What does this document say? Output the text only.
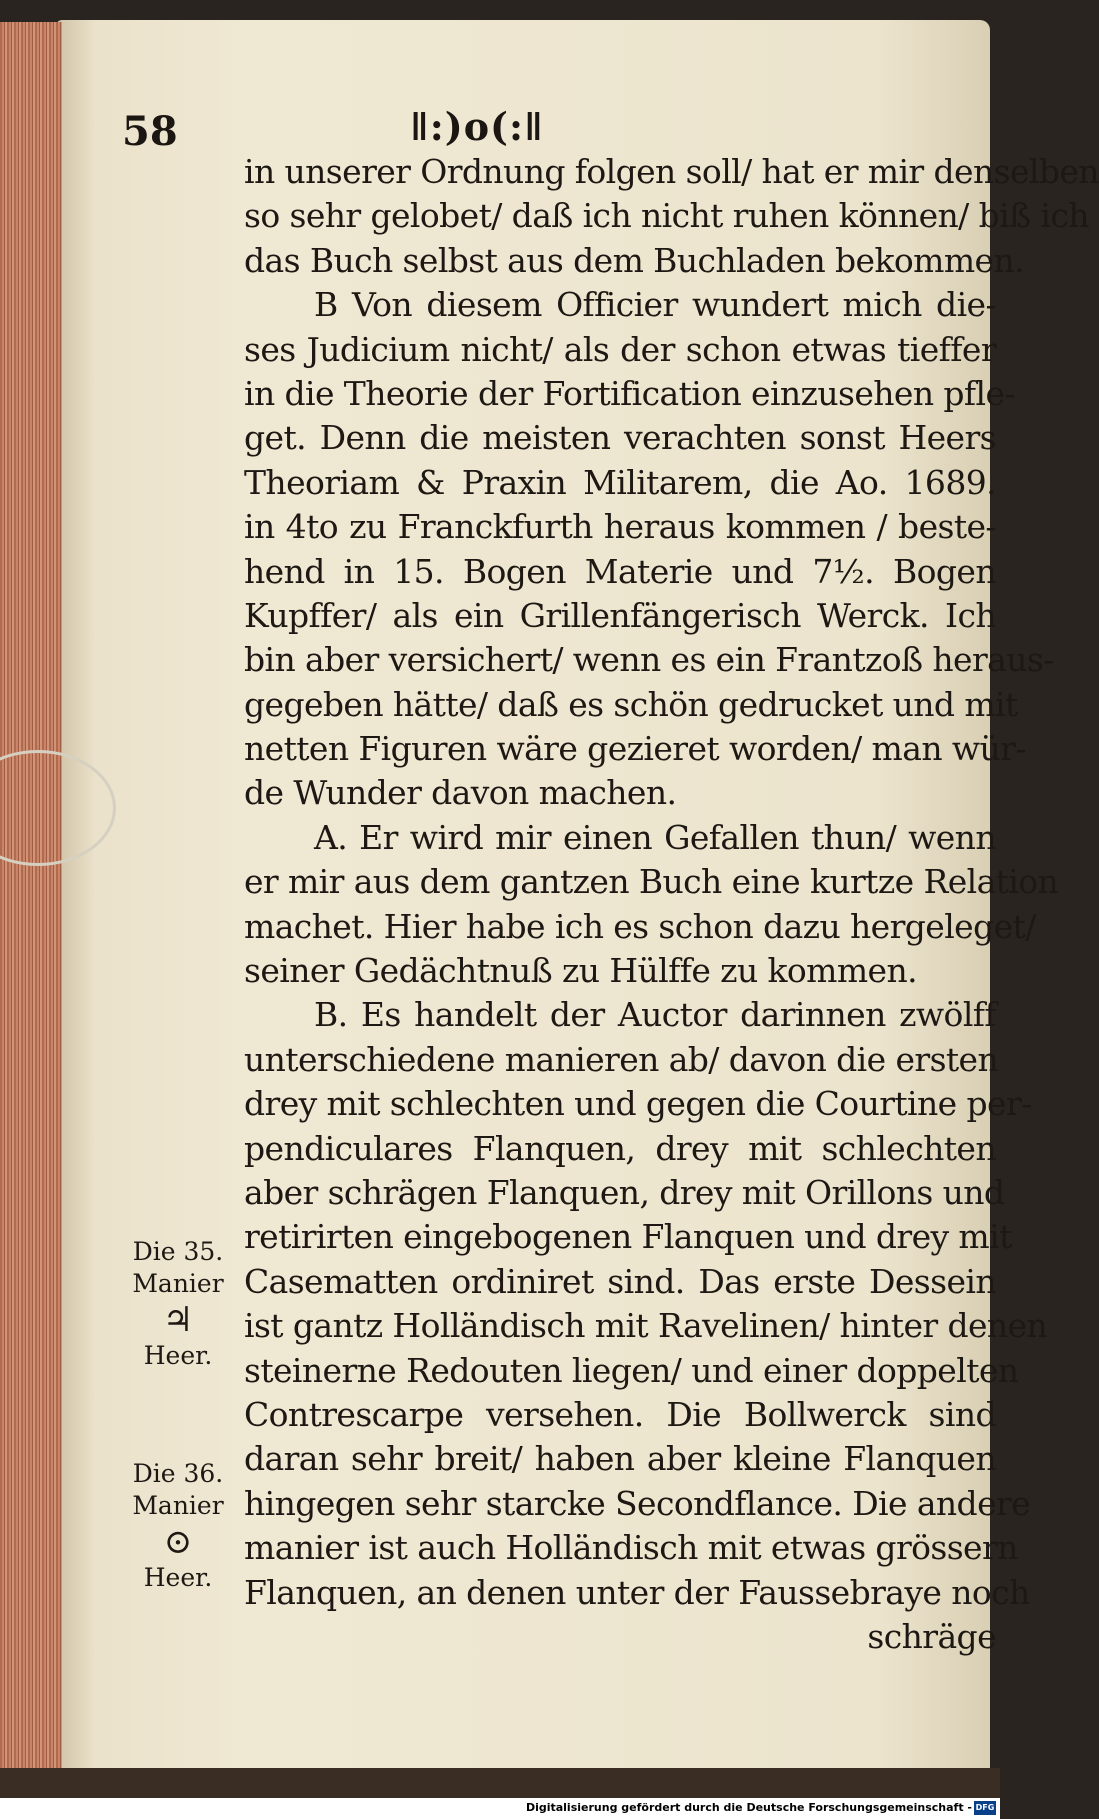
58	ǁ:)o(:ǁ
in unserer Ordnung folgen soll/ hat er mir denselben
so sehr gelobet/ daß ich nicht ruhen können/ biß ich
das Buch selbst aus dem Buchladen bekommen.
B Von diesem Officier wundert mich die-
ses Judicium nicht/ als der schon etwas tieffer
in die Theorie der Fortification einzusehen pfle-
get. Denn die meisten verachten sonst Heers
Theoriam & Praxin Militarem, die Ao. 1689.
in 4to zu Franckfurth heraus kommen / beste-
hend in 15. Bogen Materie und 7½. Bogen
Kupffer/ als ein Grillenfängerisch Werck. Ich
bin aber versichert/ wenn es ein Frantzoß heraus-
gegeben hätte/ daß es schön gedrucket und mit
netten Figuren wäre gezieret worden/ man wür-
de Wunder davon machen.
A. Er wird mir einen Gefallen thun/ wenn
er mir aus dem gantzen Buch eine kurtze Relation
machet. Hier habe ich es schon dazu hergeleget/
seiner Gedächtnuß zu Hülffe zu kommen.
B. Es handelt der Auctor darinnen zwölff
unterschiedene manieren ab/ davon die ersten
drey mit schlechten und gegen die Courtine per-
pendiculares Flanquen, drey mit schlechten
aber schrägen Flanquen, drey mit Orillons und
retirirten eingebogenen Flanquen und drey mit
Casematten ordiniret sind. Das erste Dessein
ist gantz Holländisch mit Ravelinen/ hinter denen
steinerne Redouten liegen/ und einer doppelten
Contrescarpe versehen. Die Bollwerck sind
daran sehr breit/ haben aber kleine Flanquen
hingegen sehr starcke Secondflance. Die andere
manier ist auch Holländisch mit etwas grössern
Flanquen, an denen unter der Faussebraye noch
schräge
Die 35.
Manier
♃
Heer.
Die 36.
Manier
⊙
Heer.
Digitalisierung gefördert durch die Deutsche Forschungsgemeinschaft - DFG
